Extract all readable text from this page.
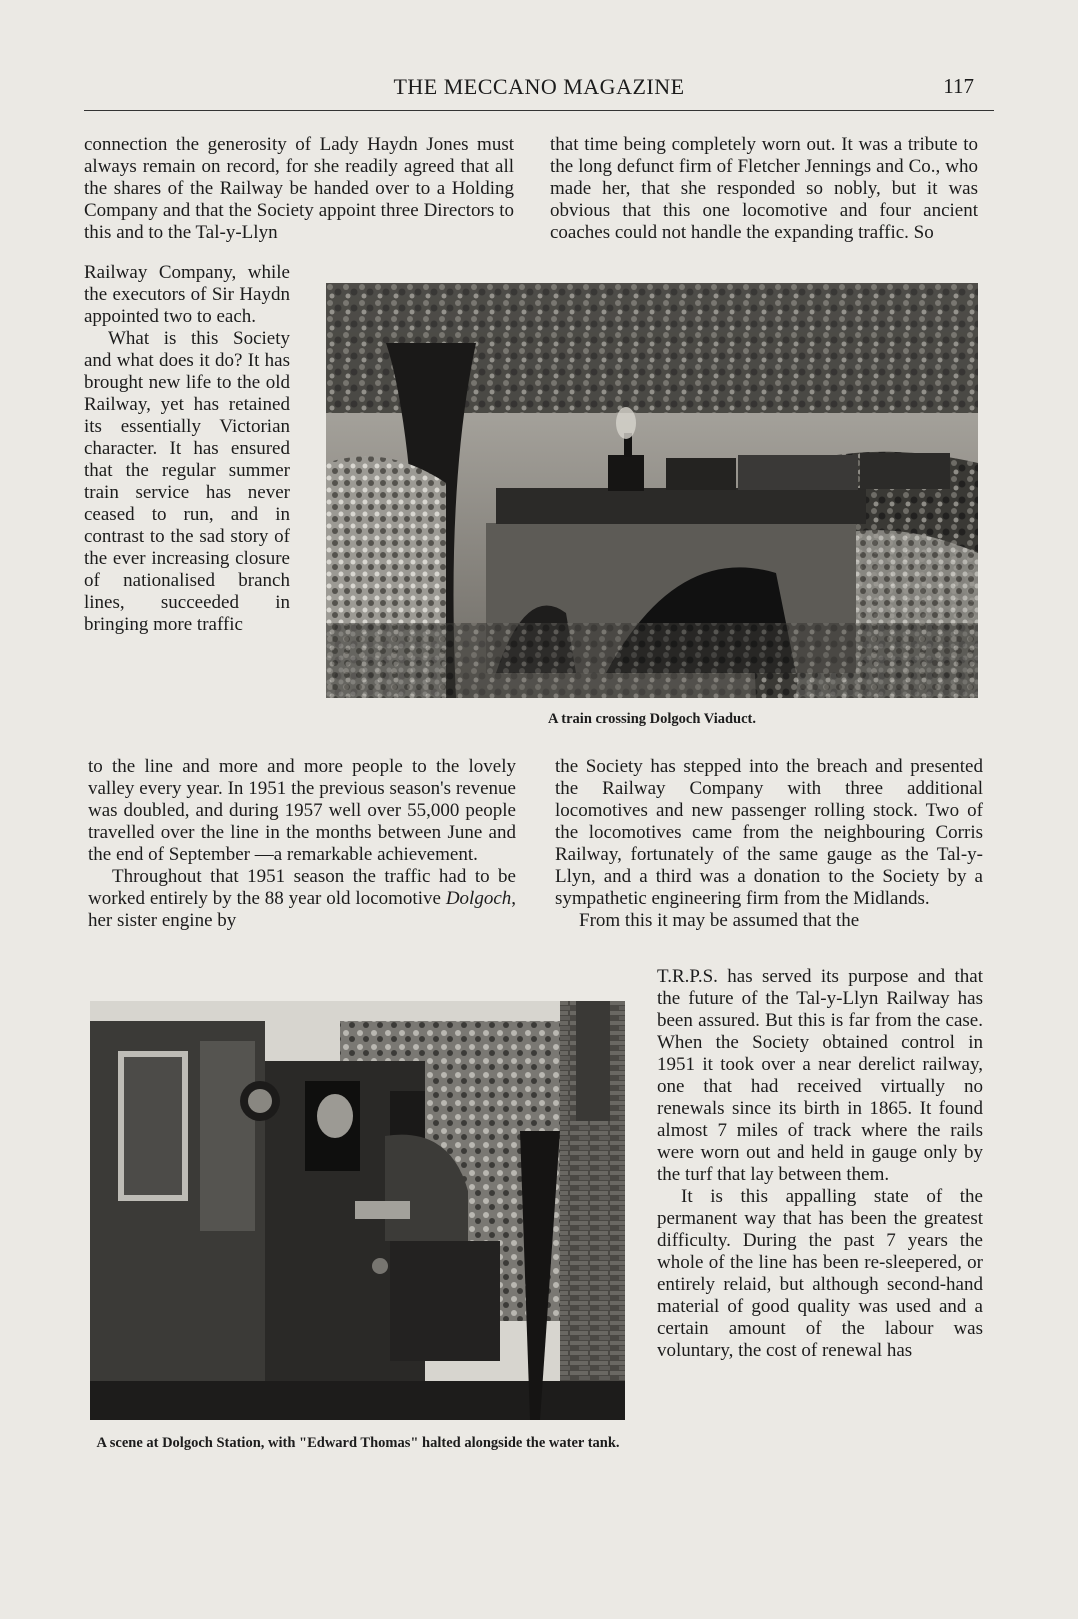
THE MECCANO MAGAZINE	117

connection the generosity of Lady Haydn Jones must always remain on record, for she readily agreed that all the shares of the Railway be handed over to a Holding Company and that the Society appoint three Directors to this and to the Tal-y-Llyn

that time being completely worn out. It was a tribute to the long defunct firm of Fletcher Jennings and Co., who made her, that she responded so nobly, but it was obvious that this one locomotive and four ancient coaches could not handle the expanding traffic. So

Railway Company, while the executors of Sir Haydn appointed two to each.

What is this Society and what does it do? It has brought new life to the old Railway, yet has retained its essentially Victorian character. It has ensured that the regular summer train service has never ceased to run, and in contrast to the sad story of the ever increasing closure of nationalised branch lines, succeeded in bringing more traffic

A train crossing Dolgoch Viaduct.

to the line and more and more people to the lovely valley every year. In 1951 the previous season's revenue was doubled, and during 1957 well over 55,000 people travelled over the line in the months between June and the end of September —a remarkable achievement.

Throughout that 1951 season the traffic had to be worked entirely by the 88 year old locomotive Dolgoch, her sister engine by

the Society has stepped into the breach and presented the Railway Company with three additional locomotives and new passenger rolling stock. Two of the locomotives came from the neighbouring Corris Railway, fortunately of the same gauge as the Tal-y-Llyn, and a third was a donation to the Society by a sympathetic engineering firm from the Midlands.

From this it may be assumed that the

T.R.P.S. has served its purpose and that the future of the Tal-y-Llyn Railway has been assured. But this is far from the case. When the Society obtained control in 1951 it took over a near derelict railway, one that had received virtually no renewals since its birth in 1865. It found almost 7 miles of track where the rails were worn out and held in gauge only by the turf that lay between them.

It is this appalling state of the permanent way that has been the greatest difficulty. During the past 7 years the whole of the line has been re-sleepered, or entirely relaid, but although second-hand material of good quality was used and a certain amount of the labour was voluntary, the cost of renewal has

A scene at Dolgoch Station, with "Edward Thomas" halted alongside the water tank.
